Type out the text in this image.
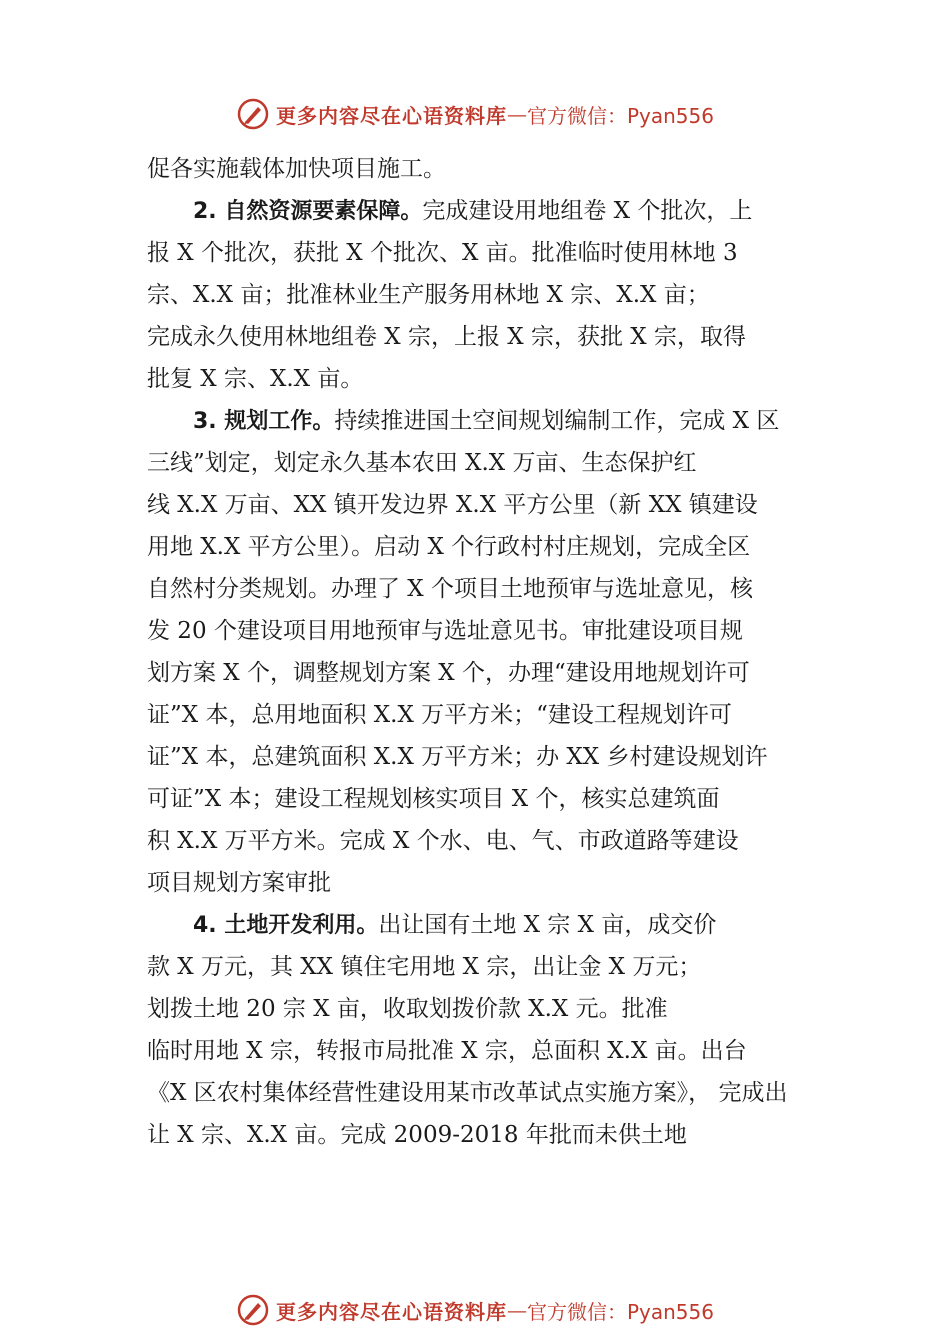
更多内容尽在心语资料库 — 官方微信：Pyan556
促各实施载体加快项目施工。
2. 自然资源要素保障。完成建设用地组卷 X 个批次，上
报 X 个批次，获批 X 个批次、X 亩。批准临时使用林地 3
宗、X.X 亩；批准林业生产服务用林地 X 宗、X.X 亩；
完成永久使用林地组卷 X 宗，上报 X 宗，获批 X 宗，取得
批复 X 宗、X.X 亩。
3. 规划工作。持续推进国土空间规划编制工作，完成 X 区
三线”划定，划定永久基本农田 X.X 万亩、生态保护红
线 X.X 万亩、XX 镇开发边界 X.X 平方公里（新 XX 镇建设
用地 X.X 平方公里）。启动 X 个行政村村庄规划，完成全区
自然村分类规划。办理了 X 个项目土地预审与选址意见，核
发 20 个建设项目用地预审与选址意见书。审批建设项目规
划方案 X 个，调整规划方案 X 个，办理“建设用地规划许可
证”X 本，总用地面积 X.X 万平方米；“建设工程规划许可
证”X 本，总建筑面积 X.X 万平方米；办 XX 乡村建设规划许
可证”X 本；建设工程规划核实项目 X 个，核实总建筑面
积 X.X 万平方米。完成 X 个水、电、气、市政道路等建设
项目规划方案审批
4. 土地开发利用。出让国有土地 X 宗 X 亩，成交价
款 X 万元，其 XX 镇住宅用地 X 宗，出让金 X 万元；
划拨土地 20 宗 X 亩，收取划拨价款 X.X 元。批准
临时用地 X 宗，转报市局批准 X 宗，总面积 X.X 亩。出台
《X 区农村集体经营性建设用某市改革试点实施方案》， 完成出
让 X 宗、X.X 亩。完成 2009-2018 年批而未供土地
更多内容尽在心语资料库 — 官方微信：Pyan556
